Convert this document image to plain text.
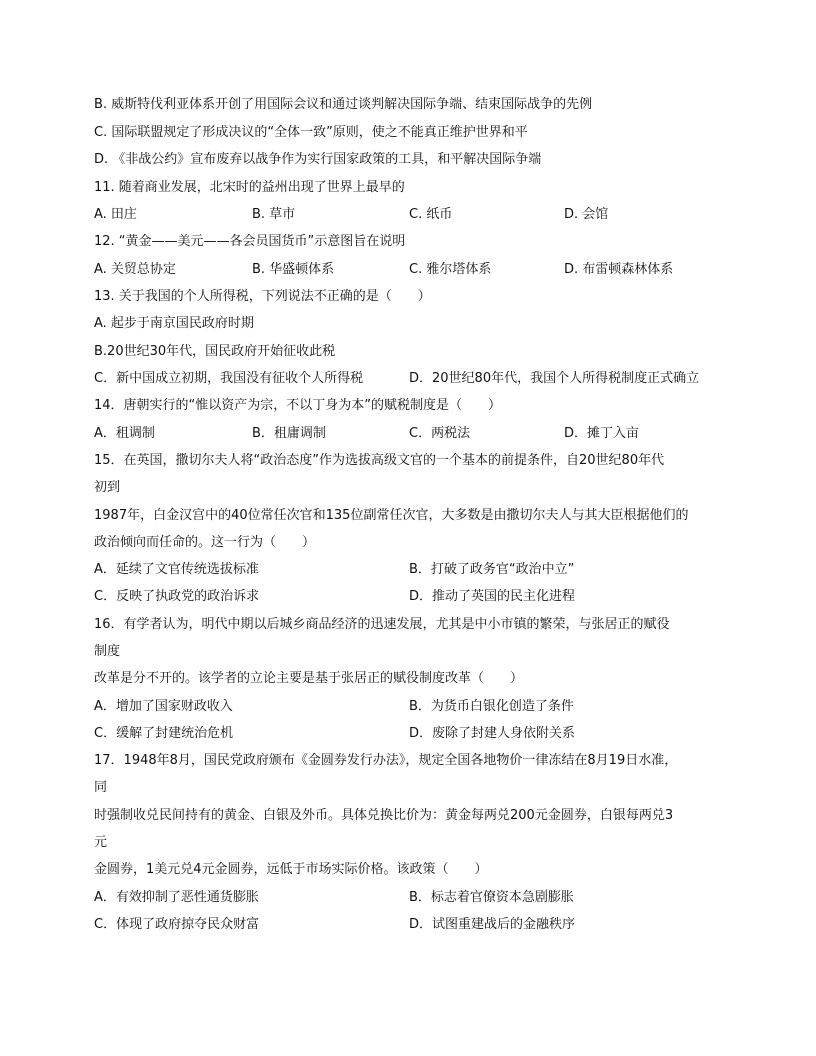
B. 威斯特伐利亚体系开创了用国际会议和通过谈判解决国际争端、结束国际战争的先例
C. 国际联盟规定了形成决议的“全体一致”原则，使之不能真正维护世界和平
D. 《非战公约》宣布废弃以战争作为实行国家政策的工具，和平解决国际争端
11. 随着商业发展，北宋时的益州出现了世界上最早的
A. 田庄	B. 草市	C. 纸币	D. 会馆
12. “黄金——美元——各会员国货币”示意图旨在说明
A. 关贸总协定	B. 华盛顿体系	C. 雅尔塔体系	D. 布雷顿森林体系
13. 关于我国的个人所得税，下列说法不正确的是（　　）
A. 起步于南京国民政府时期
B.20世纪30年代，国民政府开始征收此税
C．新中国成立初期，我国没有征收个人所得税	D．20世纪80年代，我国个人所得税制度正式确立
14．唐朝实行的“惟以资产为宗，不以丁身为本”的赋税制度是（　　）
A．租调制	B．租庸调制	C．两税法	D．摊丁入亩
15．在英国，撒切尔夫人将“政治态度”作为选拔高级文官的一个基本的前提条件，自20世纪80年代
初到
1987年，白金汉宫中的40位常任次官和135位副常任次官，大多数是由撒切尔夫人与其大臣根据他们的
政治倾向而任命的。这一行为（　　）
A．延续了文官传统选拔标准	B．打破了政务官“政治中立”
C．反映了执政党的政治诉求	D．推动了英国的民主化进程
16．有学者认为，明代中期以后城乡商品经济的迅速发展，尤其是中小市镇的繁荣，与张居正的赋役
制度
改革是分不开的。该学者的立论主要是基于张居正的赋役制度改革（　　）
A．增加了国家财政收入	B．为货币白银化创造了条件
C．缓解了封建统治危机	D．废除了封建人身依附关系
17．1948年8月，国民党政府颁布《金圆券发行办法》，规定全国各地物价一律冻结在8月19日水准，
同
时强制收兑民间持有的黄金、白银及外币。具体兑换比价为：黄金每两兑200元金圆券，白银每两兑3
元
金圆券，1美元兑4元金圆券，远低于市场实际价格。该政策（　　）
A．有效抑制了恶性通货膨胀	B．标志着官僚资本急剧膨胀
C．体现了政府掠夺民众财富	D．试图重建战后的金融秩序
